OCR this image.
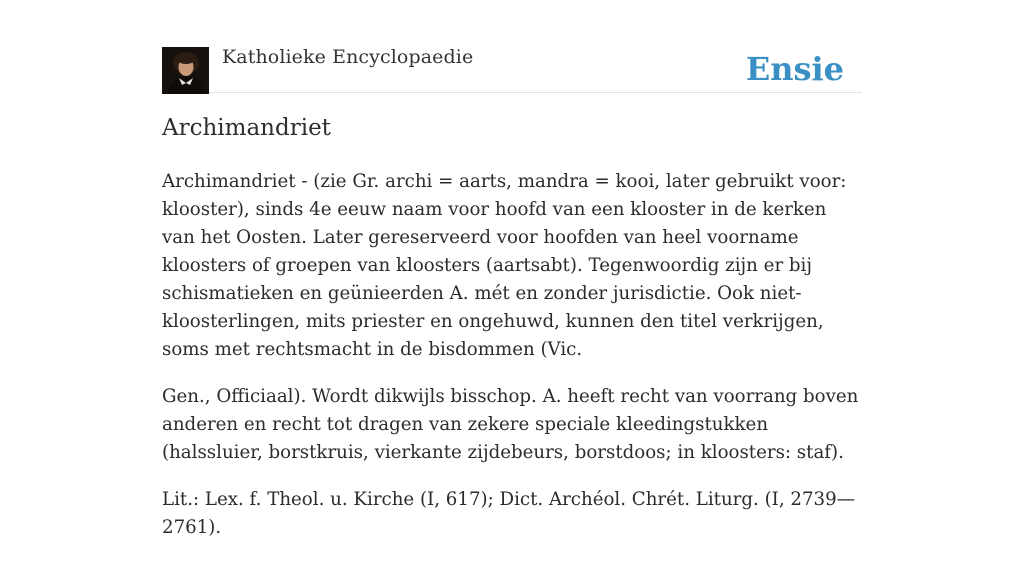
Katholieke Encyclopaedie	Ensie
Archimandriet

Archimandriet - (zie Gr. archi = aarts, mandra = kooi, later gebruikt voor: klooster), sinds 4e eeuw naam voor hoofd van een klooster in de kerken van het Oosten. Later gereserveerd voor hoofden van heel voorname kloosters of groepen van kloosters (aartsabt). Tegenwoordig zijn er bij schismatieken en geünieerden A. mét en zonder jurisdictie. Ook niet-kloosterlingen, mits priester en ongehuwd, kunnen den titel verkrijgen, soms met rechtsmacht in de bisdommen (Vic.

Gen., Officiaal). Wordt dikwijls bisschop. A. heeft recht van voorrang boven anderen en recht tot dragen van zekere speciale kleedingstukken (halssluier, borstkruis, vierkante zijdebeurs, borstdoos; in kloosters: staf).

Lit.: Lex. f. Theol. u. Kirche (I, 617); Dict. Archéol. Chrét. Liturg. (I, 2739—2761).
